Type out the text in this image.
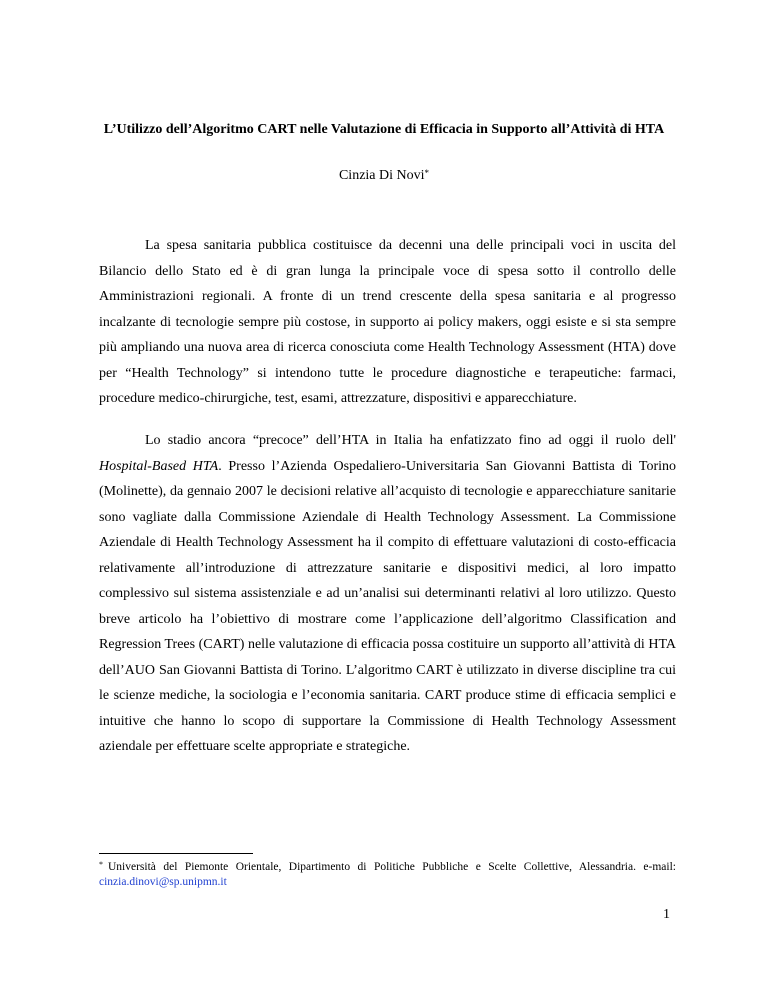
L’Utilizzo dell’Algoritmo CART nelle Valutazione di Efficacia in Supporto all’Attività di HTA
Cinzia Di Novi*

La spesa sanitaria pubblica costituisce da decenni una delle principali voci in uscita del Bilancio dello Stato ed è di gran lunga la principale voce di spesa sotto il controllo delle Amministrazioni regionali. A fronte di un trend crescente della spesa sanitaria e al progresso incalzante di tecnologie sempre più costose, in supporto ai policy makers, oggi esiste e si sta sempre più ampliando una nuova area di ricerca conosciuta come Health Technology Assessment (HTA) dove per “Health Technology” si intendono tutte le procedure diagnostiche e terapeutiche: farmaci, procedure medico-chirurgiche, test, esami, attrezzature, dispositivi e apparecchiature.

Lo stadio ancora “precoce” dell’HTA in Italia ha enfatizzato fino ad oggi il ruolo dell' Hospital-Based HTA. Presso l’Azienda Ospedaliero-Universitaria San Giovanni Battista di Torino (Molinette), da gennaio 2007 le decisioni relative all’acquisto di tecnologie e apparecchiature sanitarie sono vagliate dalla Commissione Aziendale di Health Technology Assessment. La Commissione Aziendale di Health Technology Assessment ha il compito di effettuare valutazioni di costo-efficacia relativamente all’introduzione di attrezzature sanitarie e dispositivi medici, al loro impatto complessivo sul sistema assistenziale e ad un’analisi sui determinanti relativi al loro utilizzo. Questo breve articolo ha l’obiettivo di mostrare come l’applicazione dell’algoritmo Classification and Regression Trees (CART) nelle valutazione di efficacia possa costituire un supporto all’attività di HTA dell’AUO San Giovanni Battista di Torino. L’algoritmo CART è utilizzato in diverse discipline tra cui le scienze mediche, la sociologia e l’economia sanitaria. CART produce stime di efficacia semplici e intuitive che hanno lo scopo di supportare la Commissione di Health Technology Assessment aziendale per effettuare scelte appropriate e strategiche.

* Università del Piemonte Orientale, Dipartimento di Politiche Pubbliche e Scelte Collettive, Alessandria. e-mail: cinzia.dinovi@sp.unipmn.it

1
